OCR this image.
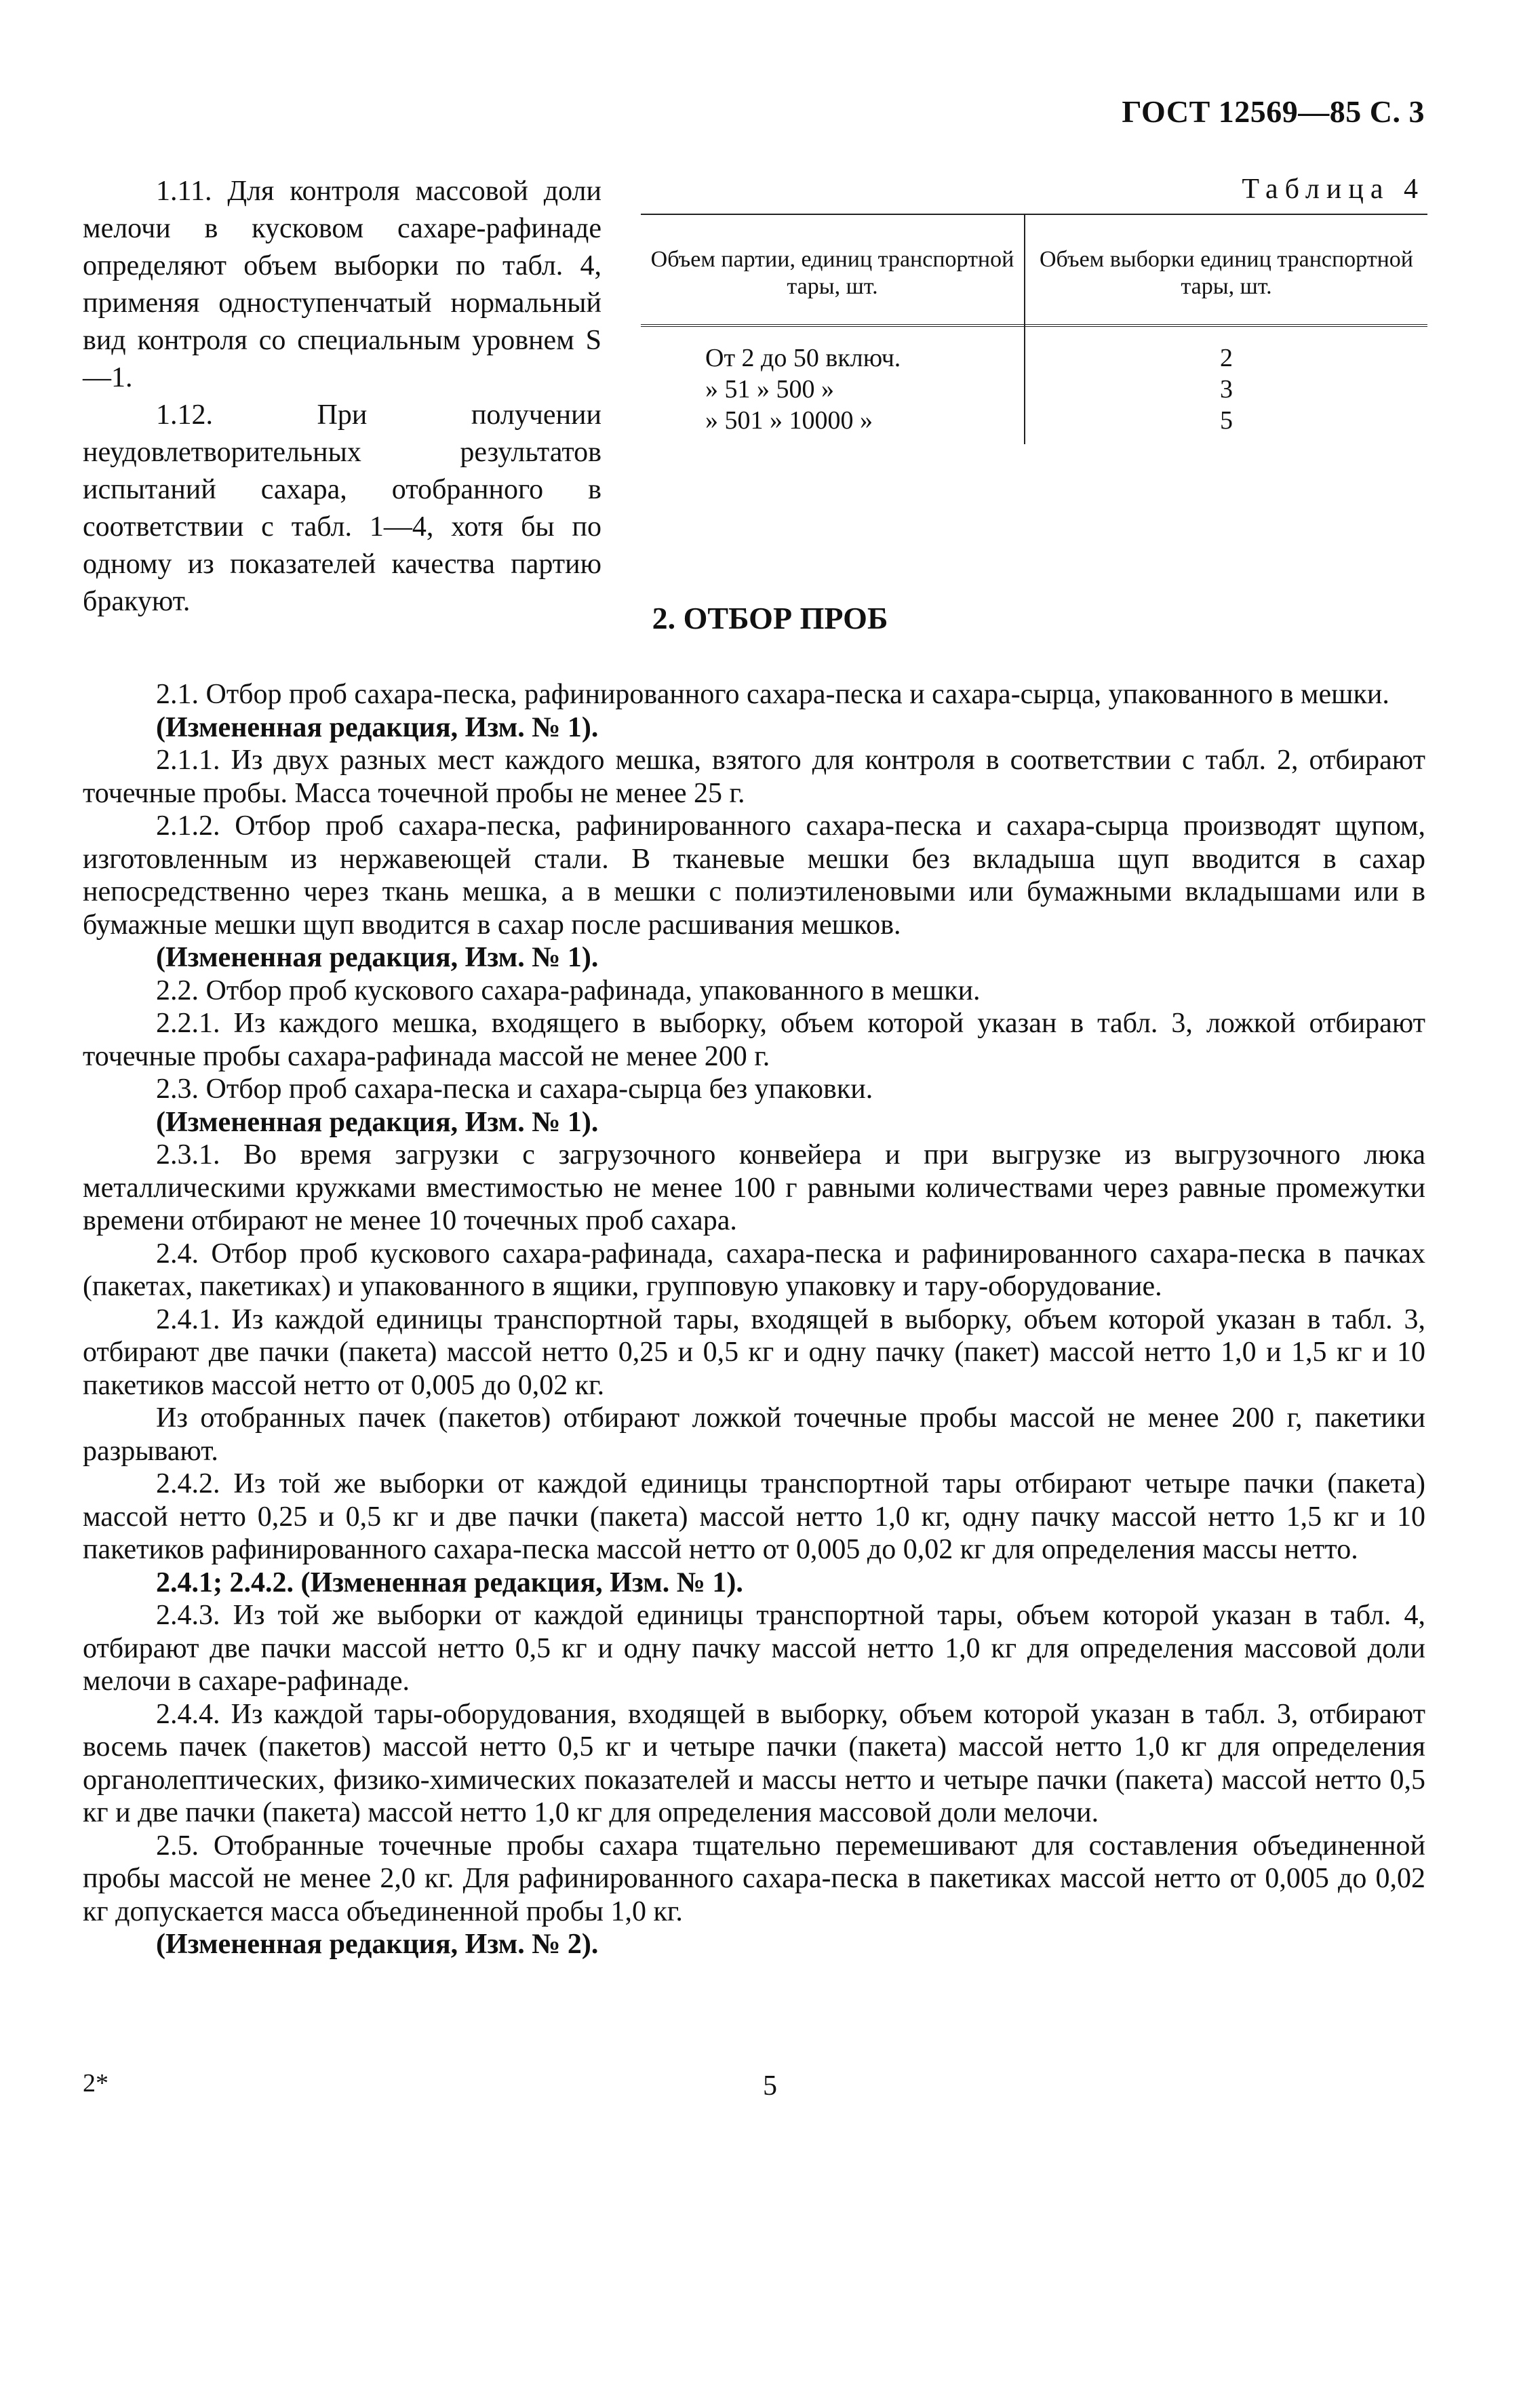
ГОСТ 12569—85 С. 3

1.11. Для контроля массовой доли мелочи в кусковом сахаре-рафинаде определяют объем выборки по табл. 4, применяя одноступенчатый нормальный вид контроля со специальным уровнем S—1.

1.12. При получении неудовлетворительных результатов испытаний сахара, отобранного в соответствии с табл. 1—4, хотя бы по одному из показателей качества партию бракуют.

Таблица 4
Объем партии, единиц транспортной тары, шт.
Объем выборки единиц транспортной тары, шт.
От 2 до 50 включ.
» 51 » 500 »
» 501 » 10000 »
2
3
5
2. ОТБОР ПРОБ

2.1. Отбор проб сахара-песка, рафинированного сахара-песка и сахара-сырца, упакованного в мешки.

(Измененная редакция, Изм. № 1).

2.1.1. Из двух разных мест каждого мешка, взятого для контроля в соответствии с табл. 2, отбирают точечные пробы. Масса точечной пробы не менее 25 г.

2.1.2. Отбор проб сахара-песка, рафинированного сахара-песка и сахара-сырца производят щупом, изготовленным из нержавеющей стали. В тканевые мешки без вкладыша щуп вводится в сахар непосредственно через ткань мешка, а в мешки с полиэтиленовыми или бумажными вкладышами или в бумажные мешки щуп вводится в сахар после расшивания мешков.

(Измененная редакция, Изм. № 1).

2.2. Отбор проб кускового сахара-рафинада, упакованного в мешки.

2.2.1. Из каждого мешка, входящего в выборку, объем которой указан в табл. 3, ложкой отбирают точечные пробы сахара-рафинада массой не менее 200 г.

2.3. Отбор проб сахара-песка и сахара-сырца без упаковки.

(Измененная редакция, Изм. № 1).

2.3.1. Во время загрузки с загрузочного конвейера и при выгрузке из выгрузочного люка металлическими кружками вместимостью не менее 100 г равными количествами через равные промежутки времени отбирают не менее 10 точечных проб сахара.

2.4. Отбор проб кускового сахара-рафинада, сахара-песка и рафинированного сахара-песка в пачках (пакетах, пакетиках) и упакованного в ящики, групповую упаковку и тару-оборудование.

2.4.1. Из каждой единицы транспортной тары, входящей в выборку, объем которой указан в табл. 3, отбирают две пачки (пакета) массой нетто 0,25 и 0,5 кг и одну пачку (пакет) массой нетто 1,0 и 1,5 кг и 10 пакетиков массой нетто от 0,005 до 0,02 кг.

Из отобранных пачек (пакетов) отбирают ложкой точечные пробы массой не менее 200 г, пакетики разрывают.

2.4.2. Из той же выборки от каждой единицы транспортной тары отбирают четыре пачки (пакета) массой нетто 0,25 и 0,5 кг и две пачки (пакета) массой нетто 1,0 кг, одну пачку массой нетто 1,5 кг и 10 пакетиков рафинированного сахара-песка массой нетто от 0,005 до 0,02 кг для определения массы нетто.

2.4.1; 2.4.2. (Измененная редакция, Изм. № 1).

2.4.3. Из той же выборки от каждой единицы транспортной тары, объем которой указан в табл. 4, отбирают две пачки массой нетто 0,5 кг и одну пачку массой нетто 1,0 кг для определения массовой доли мелочи в сахаре-рафинаде.

2.4.4. Из каждой тары-оборудования, входящей в выборку, объем которой указан в табл. 3, отбирают восемь пачек (пакетов) массой нетто 0,5 кг и четыре пачки (пакета) массой нетто 1,0 кг для определения органолептических, физико-химических показателей и массы нетто и четыре пачки (пакета) массой нетто 0,5 кг и две пачки (пакета) массой нетто 1,0 кг для определения массовой доли мелочи.

2.5. Отобранные точечные пробы сахара тщательно перемешивают для составления объединенной пробы массой не менее 2,0 кг. Для рафинированного сахара-песка в пакетиках массой нетто от 0,005 до 0,02 кг допускается масса объединенной пробы 1,0 кг.

(Измененная редакция, Изм. № 2).

2*	5
